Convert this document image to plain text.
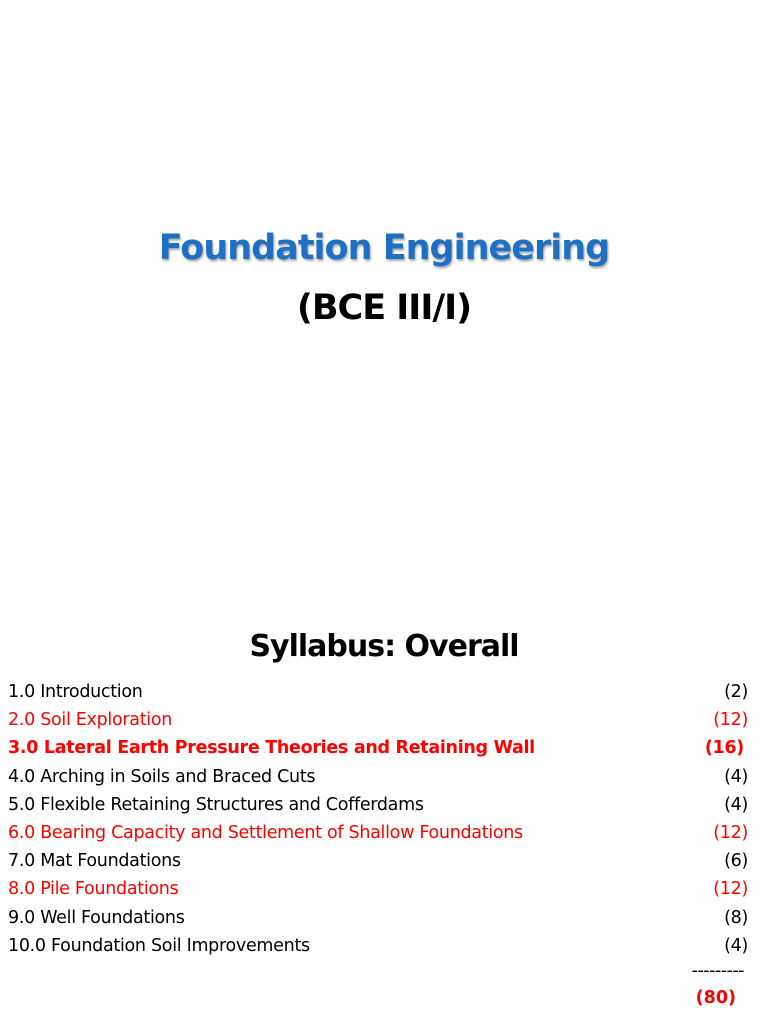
Foundation Engineering
(BCE III/I)
Syllabus: Overall
1.0 Introduction	(2)
2.0 Soil Exploration	(12)
3.0 Lateral Earth Pressure Theories and Retaining Wall	(16)
4.0 Arching in Soils and Braced Cuts	(4)
5.0 Flexible Retaining Structures and Cofferdams	(4)
6.0 Bearing Capacity and Settlement of Shallow Foundations	(12)
7.0 Mat Foundations	(6)
8.0 Pile Foundations	(12)
9.0 Well Foundations	(8)
10.0 Foundation Soil Improvements	(4)
---------
(80)
